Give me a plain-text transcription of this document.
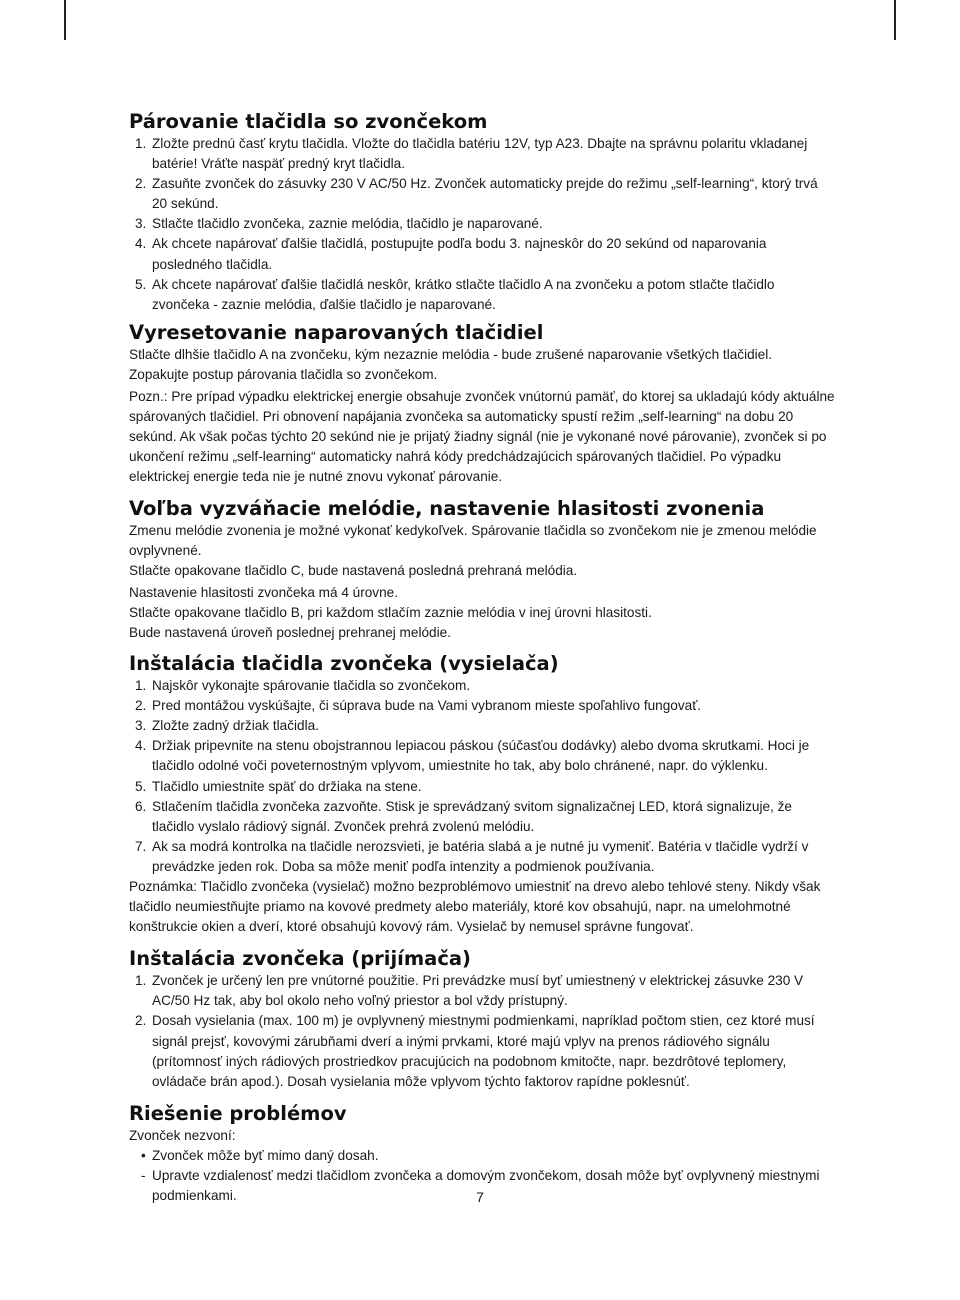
Párovanie tlačidla so zvončekom
1. Zložte prednú časť krytu tlačidla. Vložte do tlačidla batériu 12V, typ A23. Dbajte na správnu polaritu vkladanej batérie! Vráťte naspäť predný kryt tlačidla.
2. Zasuňte zvonček do zásuvky 230 V AC/50 Hz. Zvonček automaticky prejde do režimu „self-learning“, ktorý trvá 20 sekúnd.
3. Stlačte tlačidlo zvončeka, zaznie melódia, tlačidlo je naparované.
4. Ak chcete napárovať ďalšie tlačidlá, postupujte podľa bodu 3. najneskôr do 20 sekúnd od naparovania posledného tlačidla.
5. Ak chcete napárovať ďalšie tlačidlá neskôr, krátko stlačte tlačidlo A na zvončeku a potom stlačte tlačidlo zvončeka - zaznie melódia, ďalšie tlačidlo je naparované.
Vyresetovanie naparovaných tlačidiel

Stlačte dlhšie tlačidlo A na zvončeku, kým nezaznie melódia - bude zrušené naparovanie všetkých tlačidiel.

Zopakujte postup párovania tlačidla so zvončekom.

Pozn.: Pre prípad výpadku elektrickej energie obsahuje zvonček vnútornú pamäť, do ktorej sa ukladajú kódy aktuálne spárovaných tlačidiel. Pri obnovení napájania zvončeka sa automaticky spustí režim „self-learning“ na dobu 20 sekúnd. Ak však počas týchto 20 sekúnd nie je prijatý žiadny signál (nie je vykonané nové párovanie), zvonček si po ukončení režimu „self-learning“ automaticky nahrá kódy predchádzajúcich spárovaných tlačidiel. Po výpadku elektrickej energie teda nie je nutné znovu vykonať párovanie.

Voľba vyzváňacie melódie, nastavenie hlasitosti zvonenia

Zmenu melódie zvonenia je možné vykonať kedykoľvek. Spárovanie tlačidla so zvončekom nie je zmenou melódie ovplyvnené.

Stlačte opakovane tlačidlo C, bude nastavená posledná prehraná melódia.

Nastavenie hlasitosti zvončeka má 4 úrovne.

Stlačte opakovane tlačidlo B, pri každom stlačím zaznie melódia v inej úrovni hlasitosti.

Bude nastavená úroveň poslednej prehranej melódie.

Inštalácia tlačidla zvončeka (vysielača)
1. Najskôr vykonajte spárovanie tlačidla so zvončekom.
2. Pred montážou vyskúšajte, či súprava bude na Vami vybranom mieste spoľahlivo fungovať.
3. Zložte zadný držiak tlačidla.
4. Držiak pripevnite na stenu obojstrannou lepiacou páskou (súčasťou dodávky) alebo dvoma skrutkami. Hoci je tlačidlo odolné voči poveternostným vplyvom, umiestnite ho tak, aby bolo chránené, napr. do výklenku.
5. Tlačidlo umiestnite späť do držiaka na stene.
6. Stlačením tlačidla zvončeka zazvoňte. Stisk je sprevádzaný svitom signalizačnej LED, ktorá signalizuje, že tlačidlo vyslalo rádiový signál. Zvonček prehrá zvolenú melódiu.
7. Ak sa modrá kontrolka na tlačidle nerozsvieti, je batéria slabá a je nutné ju vymeniť. Batéria v tlačidle vydrží v prevádzke jeden rok. Doba sa môže meniť podľa intenzity a podmienok používania.

Poznámka: Tlačidlo zvončeka (vysielač) možno bezproblémovo umiestniť na drevo alebo tehlové steny. Nikdy však tlačidlo neumiestňujte priamo na kovové predmety alebo materiály, ktoré kov obsahujú, napr. na umelohmotné konštrukcie okien a dverí, ktoré obsahujú kovový rám. Vysielač by nemusel správne fungovať.

Inštalácia zvončeka (prijímača)
1. Zvonček je určený len pre vnútorné použitie. Pri prevádzke musí byť umiestnený v elektrickej zásuvke 230 V AC/50 Hz tak, aby bol okolo neho voľný priestor a bol vždy prístupný.
2. Dosah vysielania (max. 100 m) je ovplyvnený miestnymi podmienkami, napríklad počtom stien, cez ktoré musí signál prejsť, kovovými zárubňami dverí a inými prvkami, ktoré majú vplyv na prenos rádiového signálu (prítomnosť iných rádiových prostriedkov pracujúcich na podobnom kmitočte, napr. bezdrôtové teplomery, ovládače brán apod.). Dosah vysielania môže vplyvom týchto faktorov rapídne poklesnúť.
Riešenie problémov

Zvonček nezvoní:

• Zvonček môže byť mimo daný dosah.
- Upravte vzdialenosť medzi tlačidlom zvončeka a domovým zvončekom, dosah môže byť ovplyvnený miestnymi podmienkami.	7
